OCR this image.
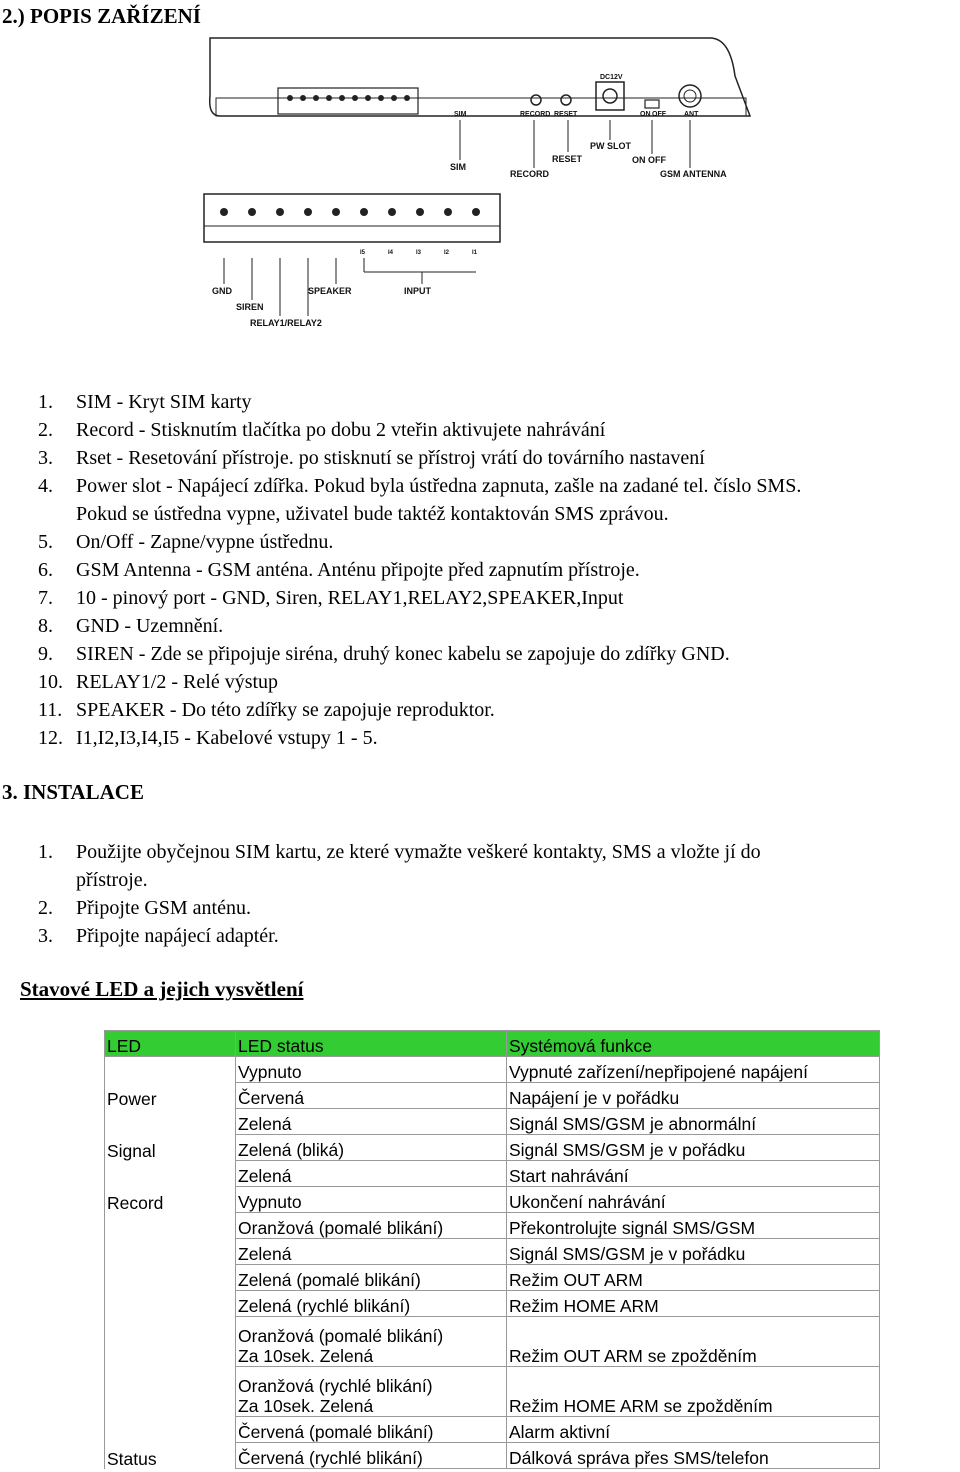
2.) POPIS ZAŘÍZENÍ
SIM	RECORD RESET
DC12V
ON OFF	ANT
PW SLOT
RESET	ON OFF
SIM
RECORD	GSM ANTENNA
I5	I4	I3	I2	I1
GND	SPEAKER	INPUT
SIREN
RELAY1/RELAY2
1.	SIM - Kryt SIM karty
2.	Record - Stisknutím tlačítka po dobu 2 vteřin aktivujete nahrávání
3.	Rset - Resetování přístroje. po stisknutí se přístroj vrátí do továrního nastavení
4.	Power slot - Napájecí zdířka. Pokud byla ústředna zapnuta, zašle na zadané tel. číslo SMS.
Pokud se ústředna vypne, uživatel bude taktéž kontaktován SMS zprávou.
5.	On/Off - Zapne/vypne ústřednu.
6.	GSM Antenna - GSM anténa. Anténu připojte před zapnutím přístroje.
7.	10 - pinový port - GND, Siren, RELAY1,RELAY2,SPEAKER,Input
8.	GND - Uzemnění.
9.	SIREN - Zde se připojuje siréna, druhý konec kabelu se zapojuje do zdířky GND.
10. RELAY1/2 - Relé výstup
11. SPEAKER - Do této zdířky se zapojuje reproduktor.
12. I1,I2,I3,I4,I5 - Kabelové vstupy 1 - 5.
3. INSTALACE
1.	Použijte obyčejnou SIM kartu, ze které vymažte veškeré kontakty, SMS a vložte jí do
přístroje.
2.	Připojte GSM anténu.
3.	Připojte napájecí adaptér.
Stavové LED a jejich vysvětlení
LED	LED status	Systémová funkce
	Vypnuto	Vypnuté zařízení/nepřipojené napájení
Power	Červená	Napájení je v pořádku
	Zelená	Signál SMS/GSM je abnormální
Signal	Zelená (bliká)	Signál SMS/GSM je v pořádku
	Zelená	Start nahrávání
Record	Vypnuto	Ukončení nahrávání
	Oranžová (pomalé blikání)	Překontrolujte signál SMS/GSM
	Zelená	Signál SMS/GSM je v pořádku
	Zelená (pomalé blikání)	Režim OUT ARM
	Zelená (rychlé blikání)	Režim HOME ARM
	Oranžová (pomalé blikání)
Za 10sek. Zelená	Režim OUT ARM se zpožděním
	Oranžová (rychlé blikání)
Za 10sek. Zelená	Režim HOME ARM se zpožděním
	Červená (pomalé blikání)	Alarm aktivní
Status	Červená (rychlé blikání)	Dálková správa přes SMS/telefon
